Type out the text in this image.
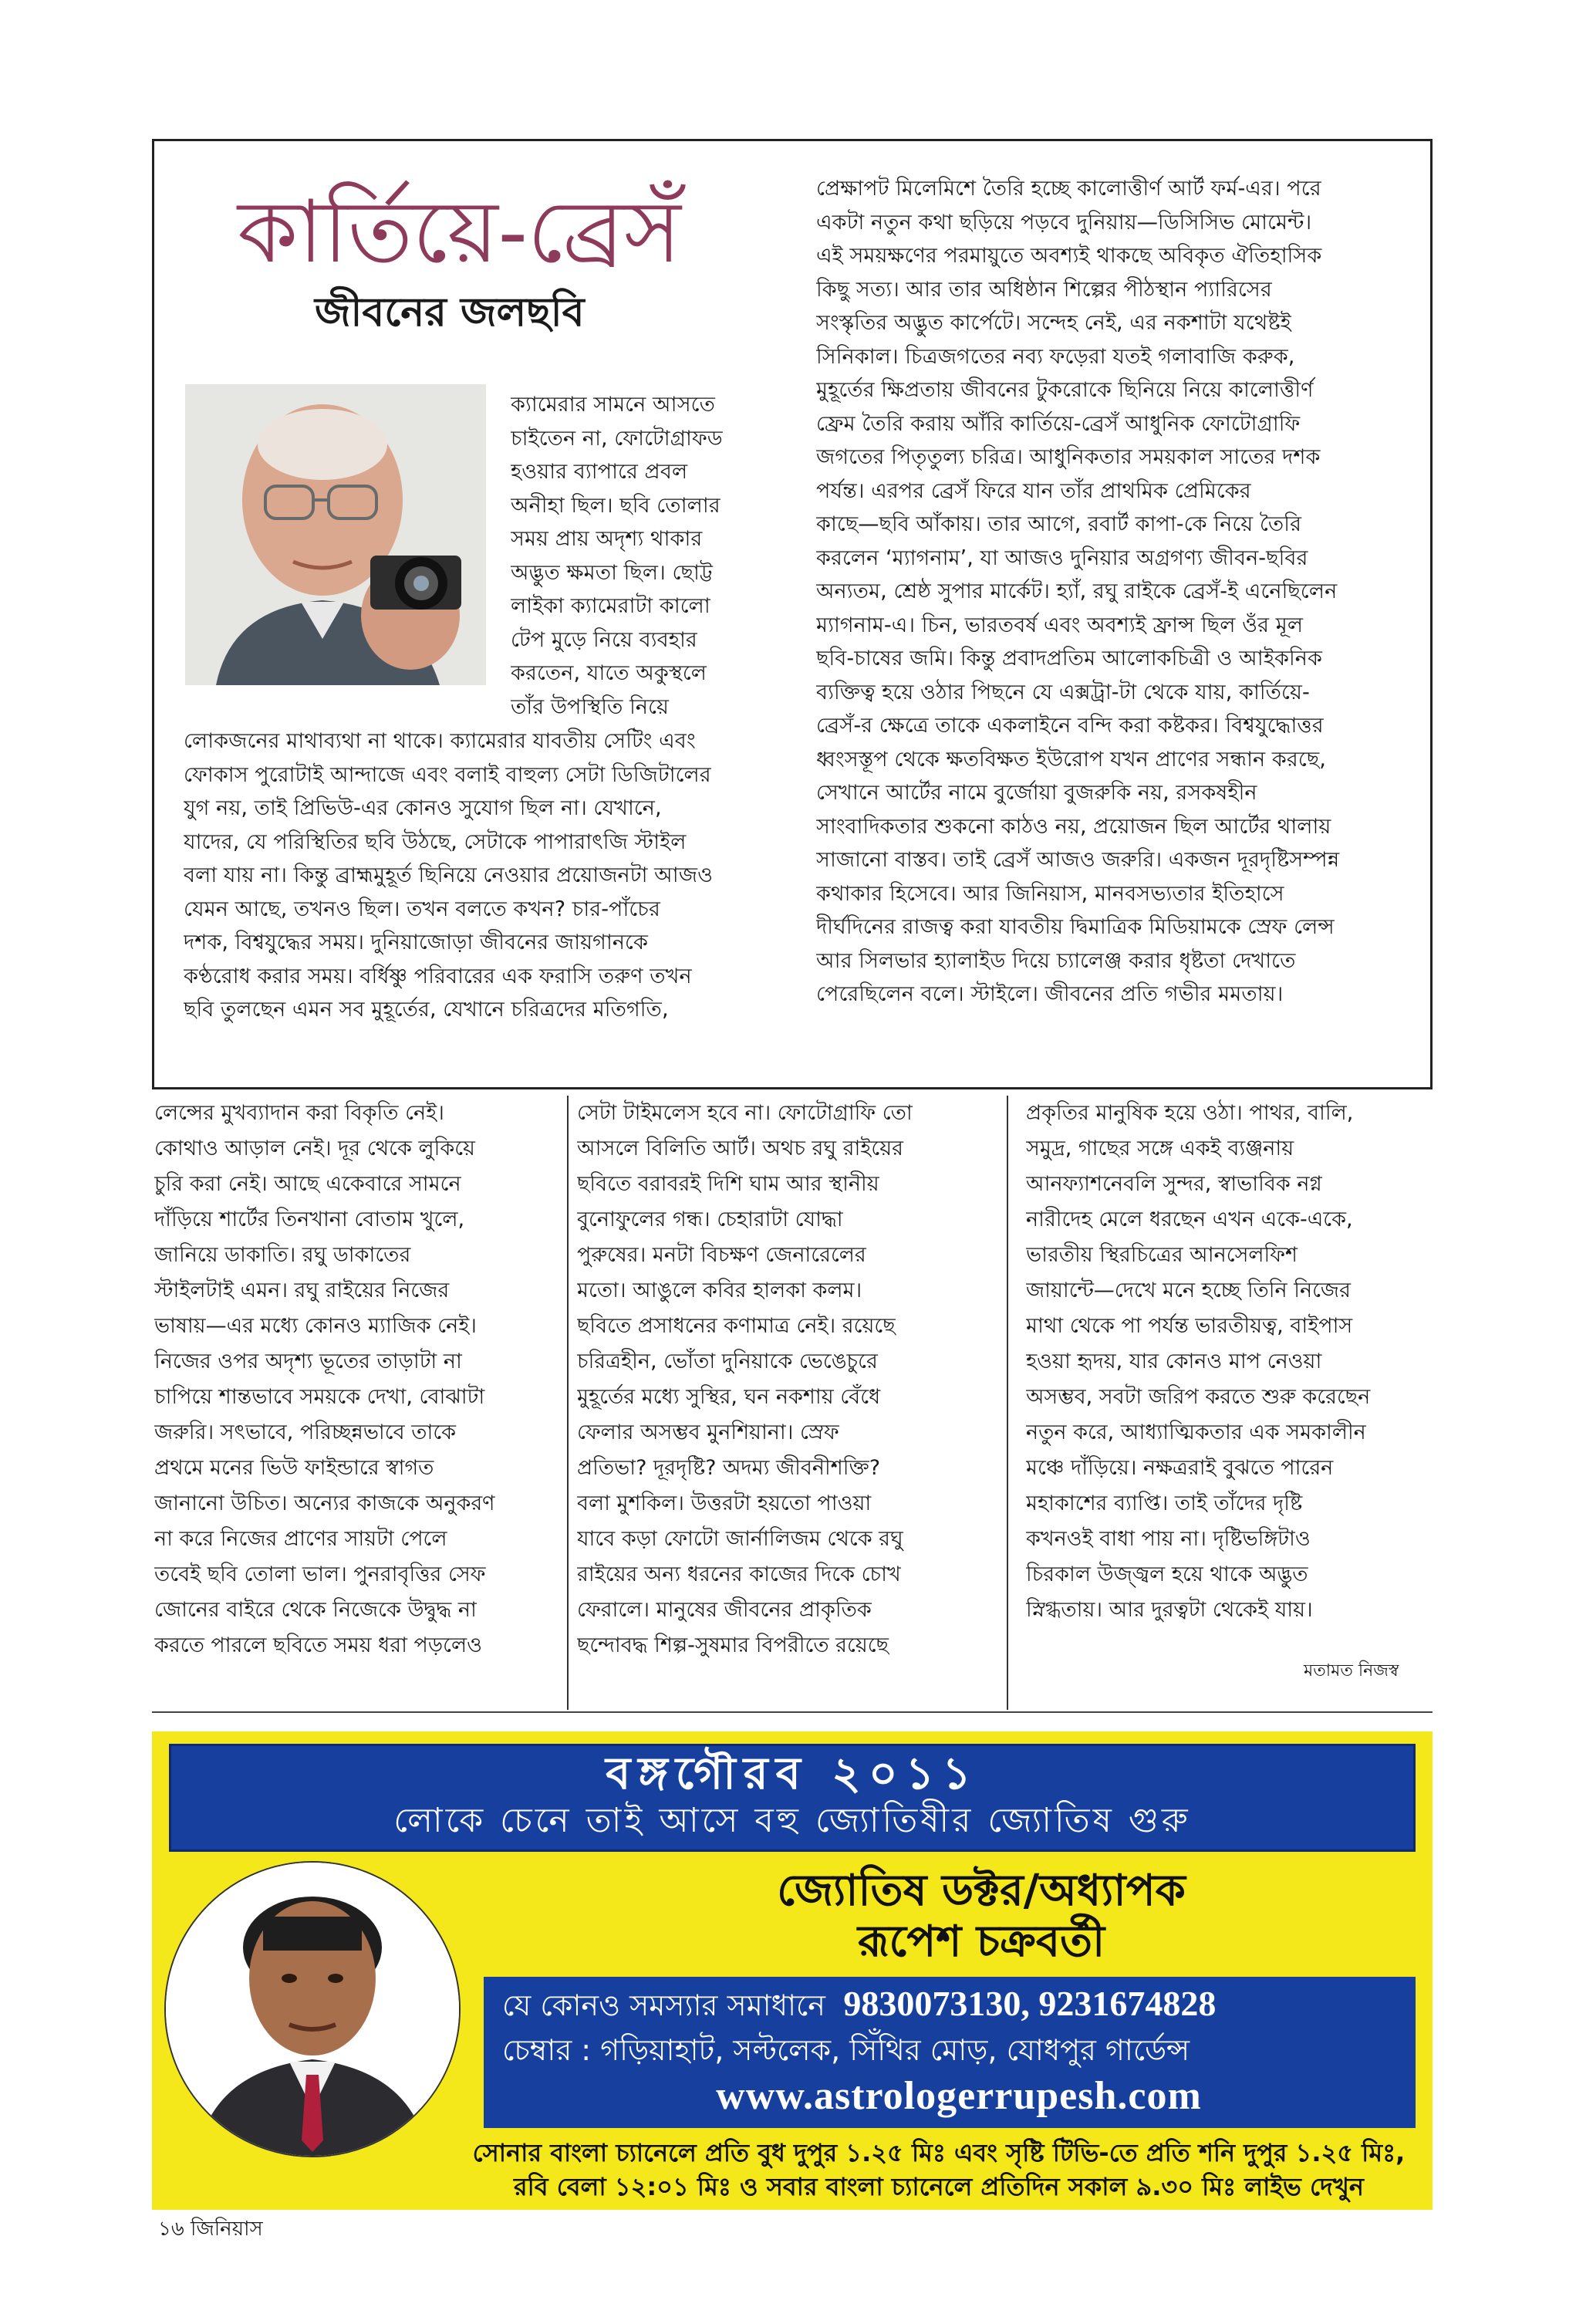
কার্তিয়ে-ব্রেসঁ
জীবনের জলছবি
ক্যামেরার সামনে আসতে
চাইতেন না, ফোটোগ্রাফড
হওয়ার ব্যাপারে প্রবল
অনীহা ছিল। ছবি তোলার
সময় প্রায় অদৃশ্য থাকার
অদ্ভুত ক্ষমতা ছিল। ছোট্ট
লাইকা ক্যামেরাটা কালো
টেপ মুড়ে নিয়ে ব্যবহার
করতেন, যাতে অকুস্থলে
তাঁর উপস্থিতি নিয়ে
লোকজনের মাথাব্যথা না থাকে। ক্যামেরার যাবতীয় সেটিং এবং
ফোকাস পুরোটাই আন্দাজে এবং বলাই বাহুল্য সেটা ডিজিটালের
যুগ নয়, তাই প্রিভিউ-এর কোনও সুযোগ ছিল না। যেখানে,
যাদের, যে পরিস্থিতির ছবি উঠছে, সেটাকে পাপারাৎজি স্টাইল
বলা যায় না। কিন্তু ব্রাহ্মমুহূর্ত ছিনিয়ে নেওয়ার প্রয়োজনটা আজও
যেমন আছে, তখনও ছিল। তখন বলতে কখন? চার-পাঁচের
দশক, বিশ্বযুদ্ধের সময়। দুনিয়াজোড়া জীবনের জায়গানকে
কণ্ঠরোধ করার সময়। বর্ধিষ্ণু পরিবারের এক ফরাসি তরুণ তখন
ছবি তুলছেন এমন সব মুহূর্তের, যেখানে চরিত্রদের মতিগতি,
প্রেক্ষাপট মিলেমিশে তৈরি হচ্ছে কালোত্তীর্ণ আর্ট ফর্ম-এর। পরে
একটা নতুন কথা ছড়িয়ে পড়বে দুনিয়ায়—ডিসিসিভ মোমেন্ট।
এই সময়ক্ষণের পরমায়ুতে অবশ্যই থাকছে অবিকৃত ঐতিহাসিক
কিছু সত্য। আর তার অধিষ্ঠান শিল্পের পীঠস্থান প্যারিসের
সংস্কৃতির অদ্ভুত কার্পেটে। সন্দেহ নেই, এর নকশাটা যথেষ্টই
সিনিকাল। চিত্রজগতের নব্য ফড়েরা যতই গলাবাজি করুক,
মুহূর্তের ক্ষিপ্রতায় জীবনের টুকরোকে ছিনিয়ে নিয়ে কালোত্তীর্ণ
ফ্রেম তৈরি করায় আঁরি কার্তিয়ে-ব্রেসঁ আধুনিক ফোটোগ্রাফি
জগতের পিতৃতুল্য চরিত্র। আধুনিকতার সময়কাল সাতের দশক
পর্যন্ত। এরপর ব্রেসঁ ফিরে যান তাঁর প্রাথমিক প্রেমিকের
কাছে—ছবি আঁকায়। তার আগে, রবার্ট কাপা-কে নিয়ে তৈরি
করলেন ‘ম্যাগনাম’, যা আজও দুনিয়ার অগ্রগণ্য জীবন-ছবির
অন্যতম, শ্রেষ্ঠ সুপার মার্কেট। হ্যাঁ, রঘু রাইকে ব্রেসঁ-ই এনেছিলেন
ম্যাগনাম-এ। চিন, ভারতবর্ষ এবং অবশ্যই ফ্রান্স ছিল ওঁর মূল
ছবি-চাষের জমি। কিন্তু প্রবাদপ্রতিম আলোকচিত্রী ও আইকনিক
ব্যক্তিত্ব হয়ে ওঠার পিছনে যে এক্সট্রা-টা থেকে যায়, কার্তিয়ে-
ব্রেসঁ-র ক্ষেত্রে তাকে একলাইনে বন্দি করা কষ্টকর। বিশ্বযুদ্ধোত্তর
ধ্বংসস্তূপ থেকে ক্ষতবিক্ষত ইউরোপ যখন প্রাণের সন্ধান করছে,
সেখানে আর্টের নামে বুর্জোয়া বুজরুকি নয়, রসকষহীন
সাংবাদিকতার শুকনো কাঠও নয়, প্রয়োজন ছিল আর্টের থালায়
সাজানো বাস্তব। তাই ব্রেসঁ আজও জরুরি। একজন দূরদৃষ্টিসম্পন্ন
কথাকার হিসেবে। আর জিনিয়াস, মানবসভ্যতার ইতিহাসে
দীর্ঘদিনের রাজত্ব করা যাবতীয় দ্বিমাত্রিক মিডিয়ামকে স্রেফ লেন্স
আর সিলভার হ্যালাইড দিয়ে চ্যালেঞ্জ করার ধৃষ্টতা দেখাতে
পেরেছিলেন বলে। স্টাইলে। জীবনের প্রতি গভীর মমতায়।
লেন্সের মুখব্যাদান করা বিকৃতি নেই।
কোথাও আড়াল নেই। দূর থেকে লুকিয়ে
চুরি করা নেই। আছে একেবারে সামনে
দাঁড়িয়ে শার্টের তিনখানা বোতাম খুলে,
জানিয়ে ডাকাতি। রঘু ডাকাতের
স্টাইলটাই এমন। রঘু রাইয়ের নিজের
ভাষায়—এর মধ্যে কোনও ম্যাজিক নেই।
নিজের ওপর অদৃশ্য ভূতের তাড়াটা না
চাপিয়ে শান্তভাবে সময়কে দেখা, বোঝাটা
জরুরি। সৎভাবে, পরিচ্ছন্নভাবে তাকে
প্রথমে মনের ভিউ ফাইন্ডারে স্বাগত
জানানো উচিত। অন্যের কাজকে অনুকরণ
না করে নিজের প্রাণের সায়টা পেলে
তবেই ছবি তোলা ভাল। পুনরাবৃত্তির সেফ
জোনের বাইরে থেকে নিজেকে উদ্বুদ্ধ না
করতে পারলে ছবিতে সময় ধরা পড়লেও
সেটা টাইমলেস হবে না। ফোটোগ্রাফি তো
আসলে বিলিতি আর্ট। অথচ রঘু রাইয়ের
ছবিতে বরাবরই দিশি ঘাম আর স্থানীয়
বুনোফুলের গন্ধ। চেহারাটা যোদ্ধা
পুরুষের। মনটা বিচক্ষণ জেনারেলের
মতো। আঙুলে কবির হালকা কলম।
ছবিতে প্রসাধনের কণামাত্র নেই। রয়েছে
চরিত্রহীন, ভোঁতা দুনিয়াকে ভেঙেচুরে
মুহূর্তের মধ্যে সুস্থির, ঘন নকশায় বেঁধে
ফেলার অসম্ভব মুনশিয়ানা। স্রেফ
প্রতিভা? দূরদৃষ্টি? অদম্য জীবনীশক্তি?
বলা মুশকিল। উত্তরটা হয়তো পাওয়া
যাবে কড়া ফোটো জার্নালিজম থেকে রঘু
রাইয়ের অন্য ধরনের কাজের দিকে চোখ
ফেরালে। মানুষের জীবনের প্রাকৃতিক
ছন্দোবদ্ধ শিল্প-সুষমার বিপরীতে রয়েছে
প্রকৃতির মানুষিক হয়ে ওঠা। পাথর, বালি,
সমুদ্র, গাছের সঙ্গে একই ব্যঞ্জনায়
আনফ্যাশনেবলি সুন্দর, স্বাভাবিক নগ্ন
নারীদেহ মেলে ধরছেন এখন একে-একে,
ভারতীয় স্থিরচিত্রের আনসেলফিশ
জায়ান্টে—দেখে মনে হচ্ছে তিনি নিজের
মাথা থেকে পা পর্যন্ত ভারতীয়ত্ব, বাইপাস
হওয়া হৃদয়, যার কোনও মাপ নেওয়া
অসম্ভব, সবটা জরিপ করতে শুরু করেছেন
নতুন করে, আধ্যাত্মিকতার এক সমকালীন
মঞ্চে দাঁড়িয়ে। নক্ষত্ররাই বুঝতে পারেন
মহাকাশের ব্যাপ্তি। তাই তাঁদের দৃষ্টি
কখনওই বাধা পায় না। দৃষ্টিভঙ্গিটাও
চিরকাল উজ্জ্বল হয়ে থাকে অদ্ভুত
স্নিগ্ধতায়। আর দুরত্বটা থেকেই যায়।
মতামত নিজস্ব
বঙ্গগৌরব ২০১১
লোকে চেনে তাই আসে বহু জ্যোতিষীর জ্যোতিষ গুরু
জ্যোতিষ ডক্টর/অধ্যাপক
রূপেশ চক্রবর্তী
যে কোনও সমস্যার সমাধানে 9830073130, 9231674828
চেম্বার : গড়িয়াহাট, সল্টলেক, সিঁথির মোড়, যোধপুর গার্ডেন্স
www.astrologerrupesh.com
সোনার বাংলা চ্যানেলে প্রতি বুধ দুপুর ১.২৫ মিঃ এবং সৃষ্টি টিভি-তে প্রতি শনি দুপুর ১.২৫ মিঃ,
রবি বেলা ১২:০১ মিঃ ও সবার বাংলা চ্যানেলে প্রতিদিন সকাল ৯.৩০ মিঃ লাইভ দেখুন
১৬ জিনিয়াস
